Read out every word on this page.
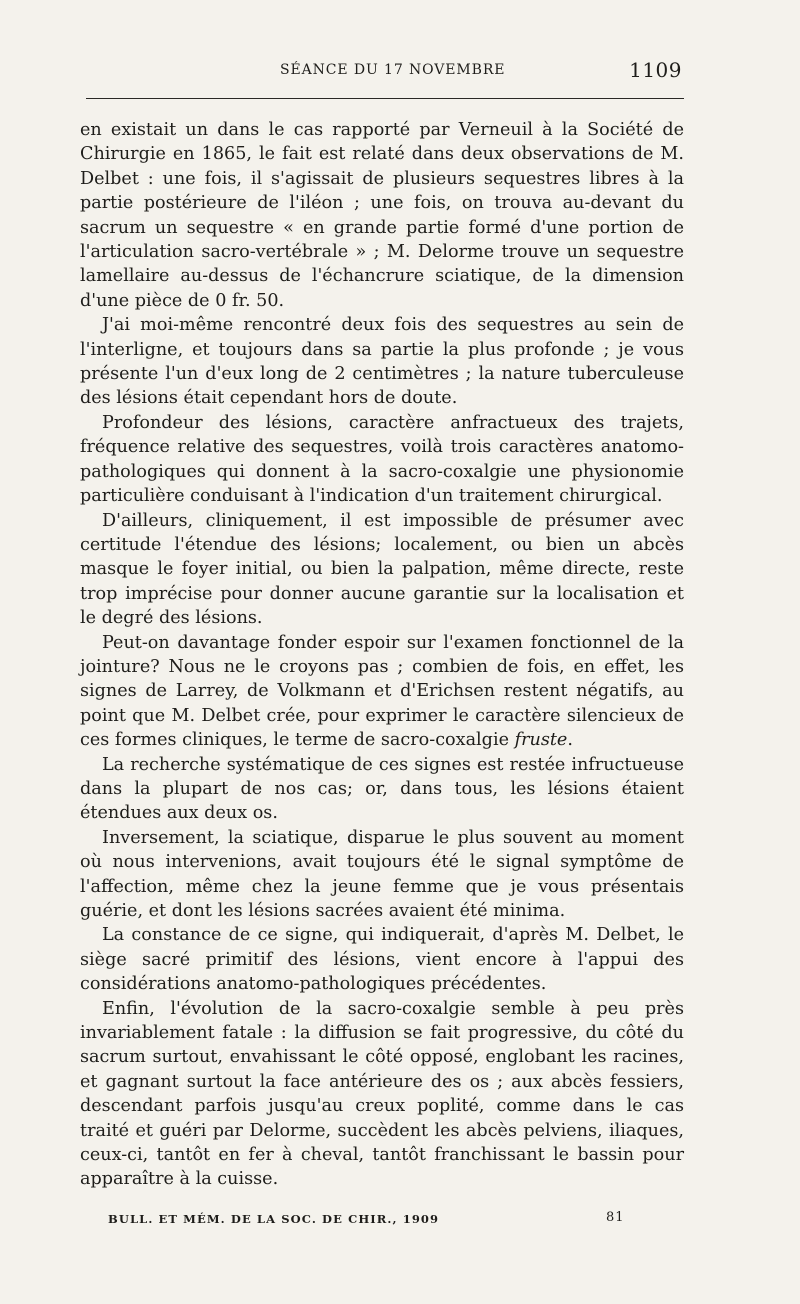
SÉANCE DU 17 NOVEMBRE	1109

en existait un dans le cas rapporté par Verneuil à la Société de Chirurgie en 1865, le fait est relaté dans deux observations de M. Delbet : une fois, il s'agissait de plusieurs sequestres libres à la partie postérieure de l'iléon ; une fois, on trouva au-devant du sacrum un sequestre « en grande partie formé d'une portion de l'articulation sacro-vertébrale » ; M. Delorme trouve un sequestre lamellaire au-dessus de l'échancrure sciatique, de la dimension d'une pièce de 0 fr. 50.

J'ai moi-même rencontré deux fois des sequestres au sein de l'interligne, et toujours dans sa partie la plus profonde ; je vous présente l'un d'eux long de 2 centimètres ; la nature tuberculeuse des lésions était cependant hors de doute.

Profondeur des lésions, caractère anfractueux des trajets, fréquence relative des sequestres, voilà trois caractères anatomo-pathologiques qui donnent à la sacro-coxalgie une physionomie particulière conduisant à l'indication d'un traitement chirurgical.

D'ailleurs, cliniquement, il est impossible de présumer avec certitude l'étendue des lésions; localement, ou bien un abcès masque le foyer initial, ou bien la palpation, même directe, reste trop imprécise pour donner aucune garantie sur la localisation et le degré des lésions.

Peut-on davantage fonder espoir sur l'examen fonctionnel de la jointure? Nous ne le croyons pas ; combien de fois, en effet, les signes de Larrey, de Volkmann et d'Erichsen restent négatifs, au point que M. Delbet crée, pour exprimer le caractère silencieux de ces formes cliniques, le terme de sacro-coxalgie fruste.

La recherche systématique de ces signes est restée infructueuse dans la plupart de nos cas; or, dans tous, les lésions étaient étendues aux deux os.

Inversement, la sciatique, disparue le plus souvent au moment où nous intervenions, avait toujours été le signal symptôme de l'affection, même chez la jeune femme que je vous présentais guérie, et dont les lésions sacrées avaient été minima.

La constance de ce signe, qui indiquerait, d'après M. Delbet, le siège sacré primitif des lésions, vient encore à l'appui des considérations anatomo-pathologiques précédentes.

Enfin, l'évolution de la sacro-coxalgie semble à peu près invariablement fatale : la diffusion se fait progressive, du côté du sacrum surtout, envahissant le côté opposé, englobant les racines, et gagnant surtout la face antérieure des os ; aux abcès fessiers, descendant parfois jusqu'au creux poplité, comme dans le cas traité et guéri par Delorme, succèdent les abcès pelviens, iliaques, ceux-ci, tantôt en fer à cheval, tantôt franchissant le bassin pour apparaître à la cuisse.

BULL. ET MÉM. DE LA SOC. DE CHIR., 1909	81
